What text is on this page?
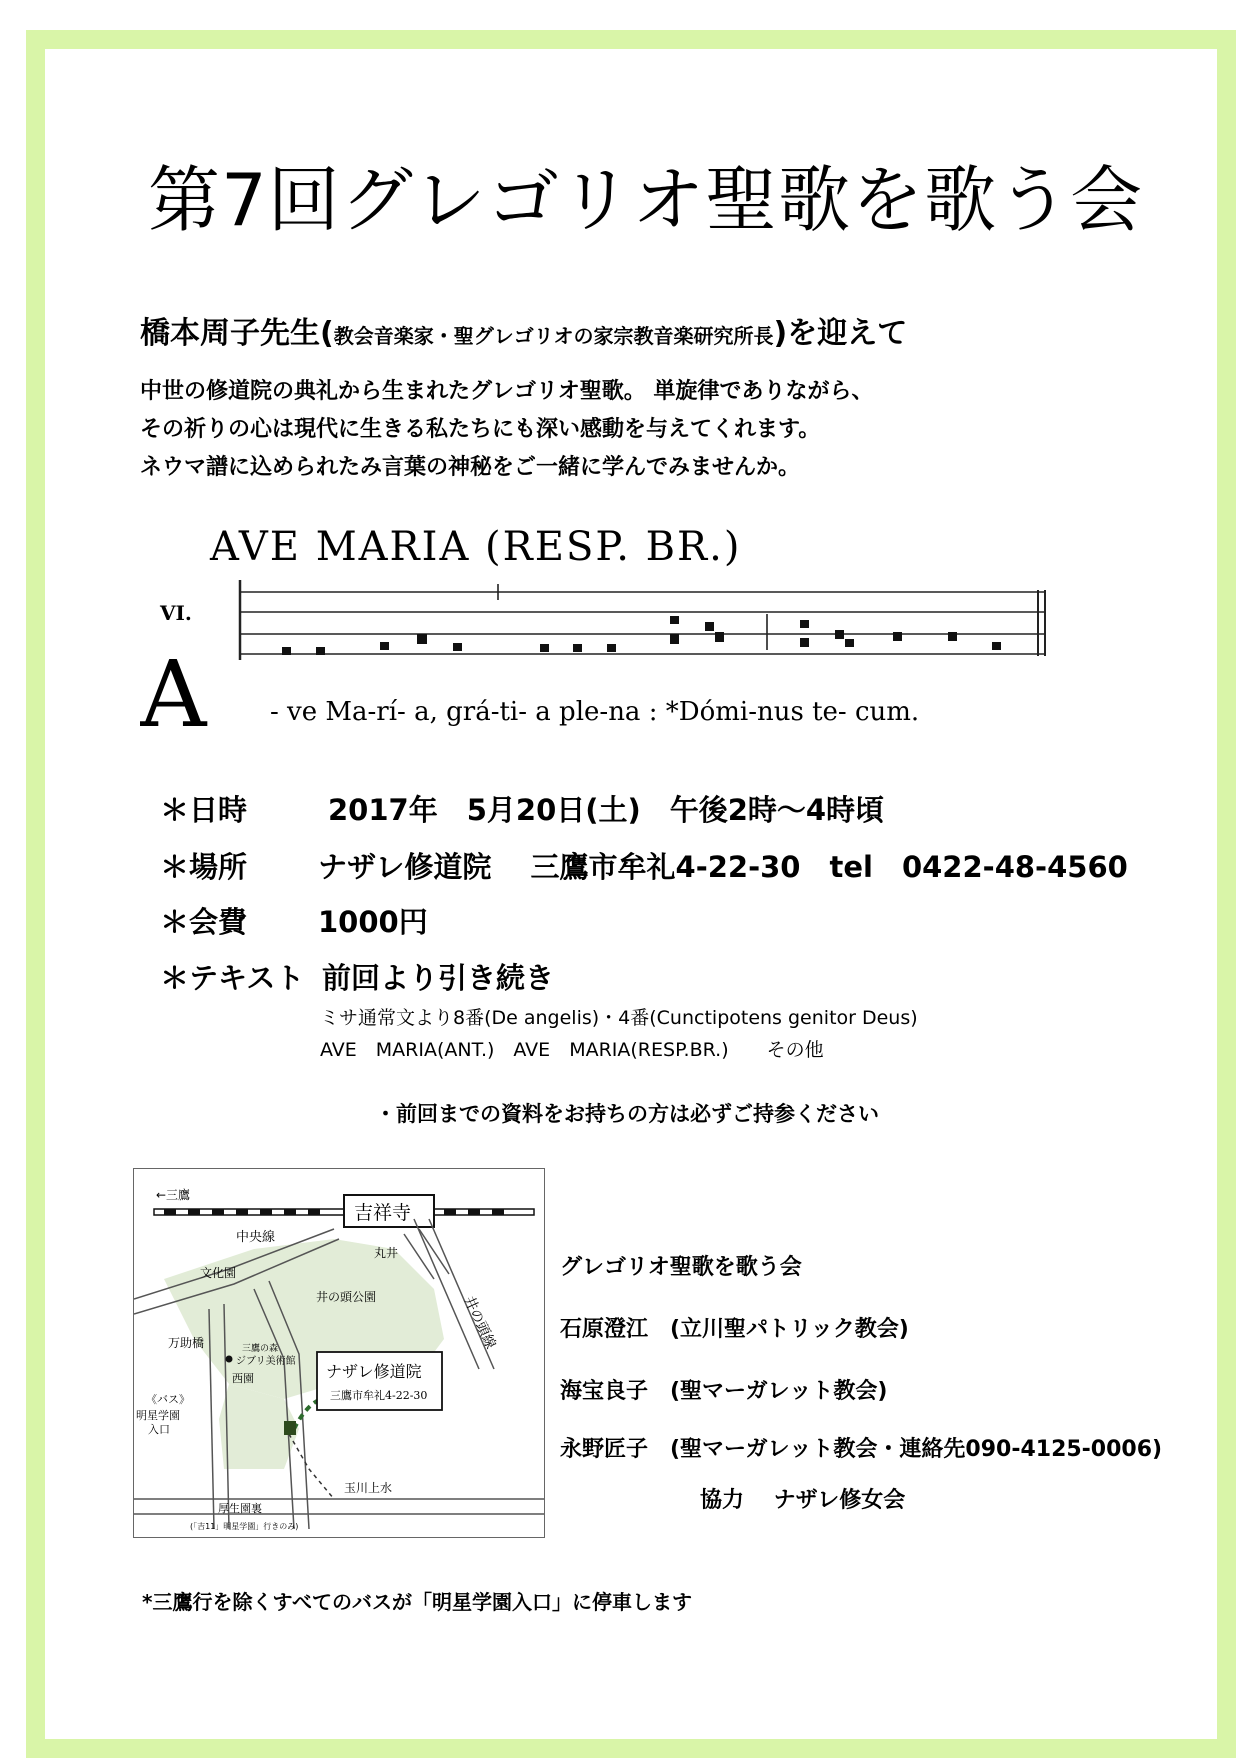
第7回グレゴリオ聖歌を歌う会
橋本周子先生(教会音楽家・聖グレゴリオの家宗教音楽研究所長)を迎えて
中世の修道院の典礼から生まれたグレゴリオ聖歌。 単旋律でありながら、
その祈りの心は現代に生きる私たちにも深い感動を与えてくれます。
ネウマ譜に込められたみ言葉の神秘をご一緒に学んでみませんか。
AVE MARIA (RESP. BR.)
VI.
A - ve Ma-rí- a, grá-ti- a ple-na : *Dómi-nus te- cum.
＊日時	2017年　5月20日(土)　午後2時～4時頃
＊場所 ナザレ修道院　 三鷹市牟礼4-22-30　tel　0422-48-4560
＊会費 1000円
＊テキスト 前回より引き続き
ミサ通常文より8番(De angelis)・4番(Cunctipotens genitor Deus)
AVE　MARIA(ANT.)　AVE　MARIA(RESP.BR.)　　その他
・前回までの資料をお持ちの方は必ずご持参ください
←三鷹
吉祥寺
中央線
丸井
文化園
井の頭公園	井の頭線
万助橋	三鷹の森
ジブリ美術館
西園
《バス》
明星学園
入口
ナザレ修道院
三鷹市牟礼4-22-30
玉川上水
厚生園裏
(「吉11」明星学園」行きのみ)
グレゴリオ聖歌を歌う会
石原澄江　(立川聖パトリック教会)
海宝良子　(聖マーガレット教会)
永野匠子　(聖マーガレット教会・連絡先090-4125-0006)
協力　 ナザレ修女会
*三鷹行を除くすべてのバスが「明星学園入口」に停車します
